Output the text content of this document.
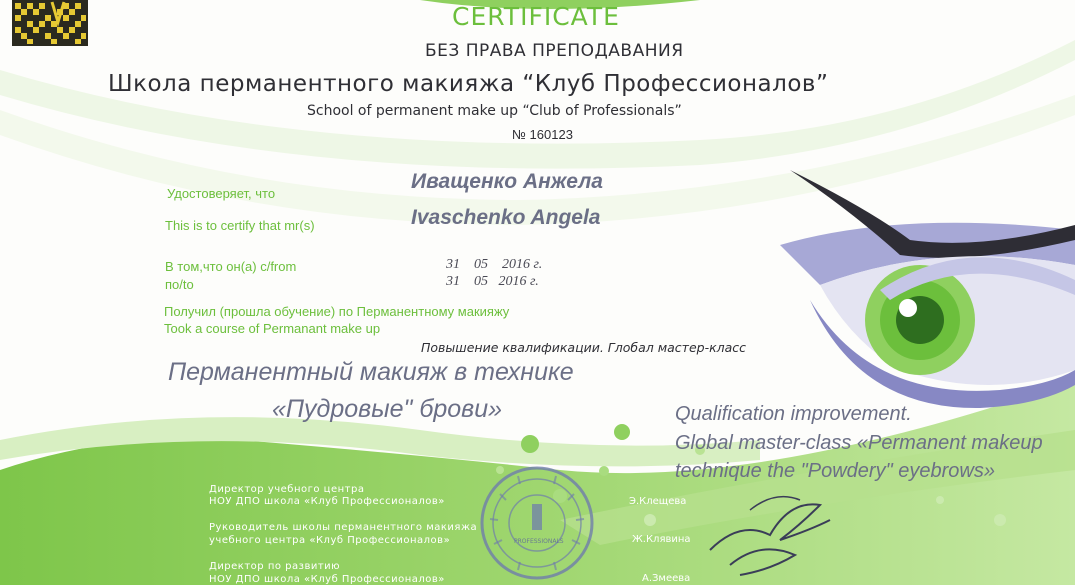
CERTIFICATE
БЕЗ ПРАВА ПРЕПОДАВАНИЯ
Школа перманентного макияжа “Клуб Профессионалов”
School of permanent make up “Club of Professionals”
№ 160123
Удостоверяет, что
This is to certify that mr(s)
Иващенко Анжела
Ivaschenko Angela
В том,что он(а) с/from
по/to
31    05    2016 г.
31    05   2016 г.
Получил (прошла обучение) по Перманентному макияжу
Took a course of Permanant make up
Повышение квалификации. Глобал мастер-класс
Перманентный макияж в технике
«Пудровые" брови»	Qualification improvement.
Global master-class «Permanent makeup
technique the "Powdery" eyebrows»
PROFESSIONALS
Директор учебного центра
НОУ ДПО школа «Клуб Профессионалов»	Э.Клещева
Руководитель школы перманентного макияжа
учебного центра «Клуб Профессионалов»	Ж.Клявина
Директор по развитию
НОУ ДПО школа «Клуб Профессионалов»	А.Змеева
